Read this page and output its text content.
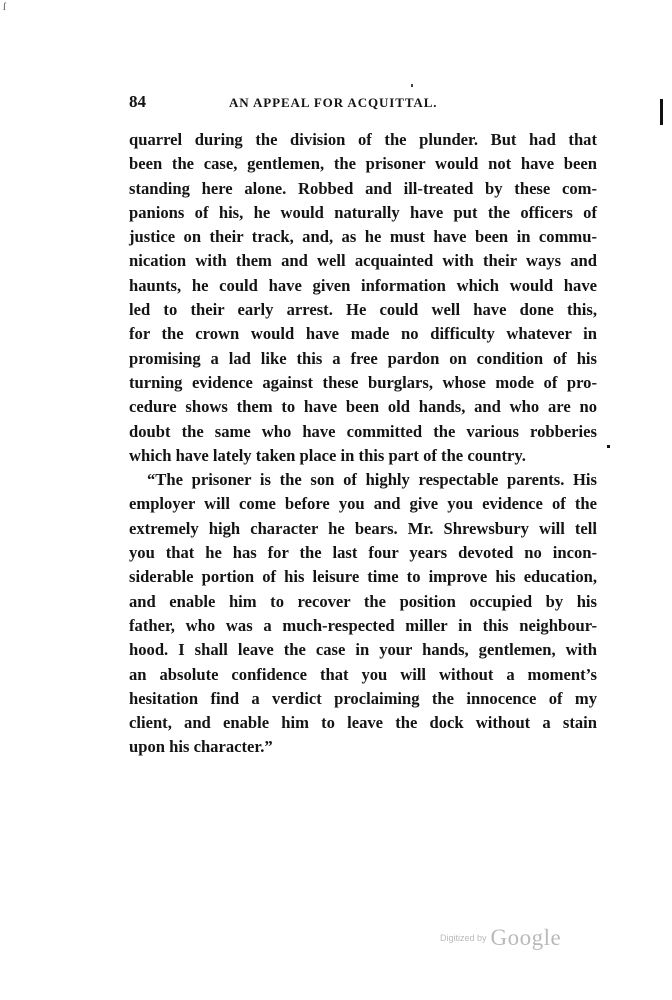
ſ
84	AN APPEAL FOR ACQUITTAL.
quarrel during the division of the plunder. But had that
been the case, gentlemen, the prisoner would not have been
standing here alone. Robbed and ill-treated by these com-
panions of his, he would naturally have put the officers of
justice on their track, and, as he must have been in commu-
nication with them and well acquainted with their ways and
haunts, he could have given information which would have
led to their early arrest. He could well have done this,
for the crown would have made no difficulty whatever in
promising a lad like this a free pardon on condition of his
turning evidence against these burglars, whose mode of pro-
cedure shows them to have been old hands, and who are no
doubt the same who have committed the various robberies
which have lately taken place in this part of the country.
“The prisoner is the son of highly respectable parents. His
employer will come before you and give you evidence of the
extremely high character he bears. Mr. Shrewsbury will tell
you that he has for the last four years devoted no incon-
siderable portion of his leisure time to improve his education,
and enable him to recover the position occupied by his
father, who was a much-respected miller in this neighbour-
hood. I shall leave the case in your hands, gentlemen, with
an absolute confidence that you will without a moment’s
hesitation find a verdict proclaiming the innocence of my
client, and enable him to leave the dock without a stain
upon his character.”
Digitized by Google
